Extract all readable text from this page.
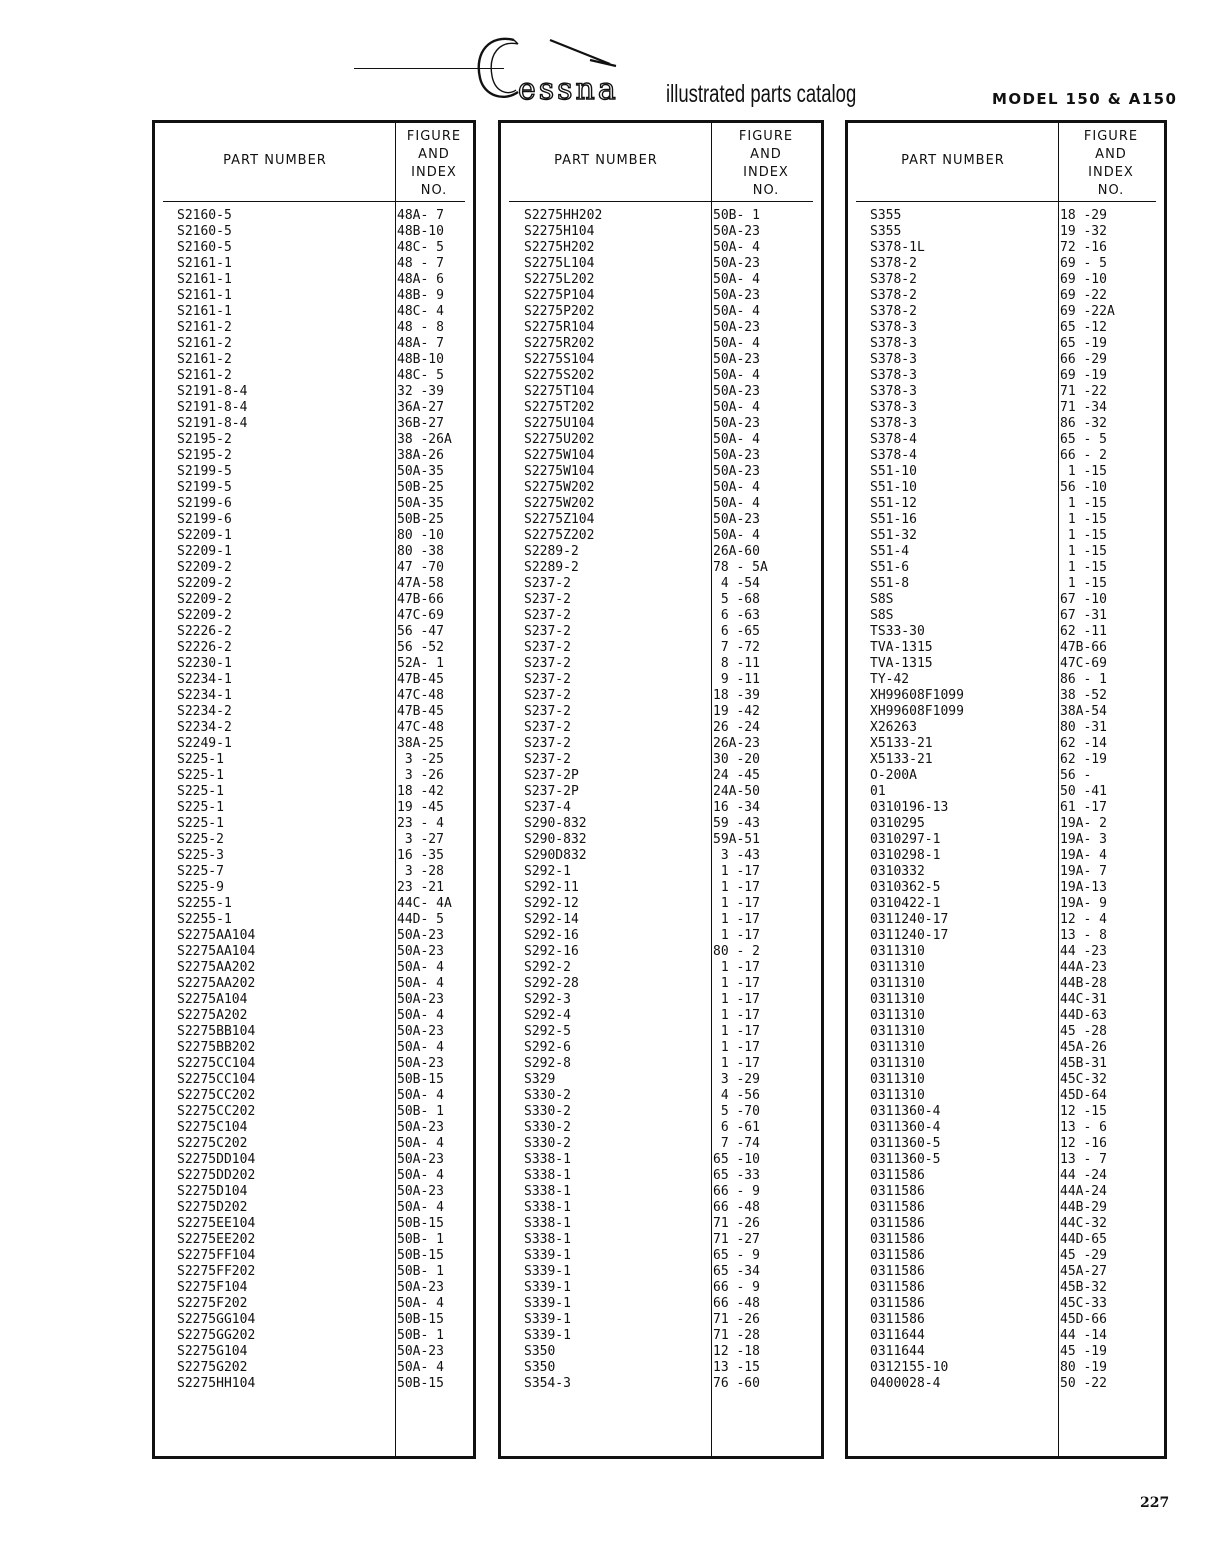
essna illustrated parts catalog	MODEL 150 & A150
PART NUMBER
FIGURE
AND
INDEX
NO.
S2160-5	48A- 7
S2160-5	48B-10
S2160-5	48C- 5
S2161-1	48 - 7
S2161-1	48A- 6
S2161-1	48B- 9
S2161-1	48C- 4
S2161-2	48 - 8
S2161-2	48A- 7
S2161-2	48B-10
S2161-2	48C- 5
S2191-8-4	32 -39
S2191-8-4	36A-27
S2191-8-4	36B-27
S2195-2	38 -26A
S2195-2	38A-26
S2199-5	50A-35
S2199-5	50B-25
S2199-6	50A-35
S2199-6	50B-25
S2209-1	80 -10
S2209-1	80 -38
S2209-2	47 -70
S2209-2	47A-58
S2209-2	47B-66
S2209-2	47C-69
S2226-2	56 -47
S2226-2	56 -52
S2230-1	52A- 1
S2234-1	47B-45
S2234-1	47C-48
S2234-2	47B-45
S2234-2	47C-48
S2249-1	38A-25
S225-1	3 -25
S225-1	3 -26
S225-1	18 -42
S225-1	19 -45
S225-1	23 - 4
S225-2	3 -27
S225-3	16 -35
S225-7	3 -28
S225-9	23 -21
S2255-1	44C- 4A
S2255-1	44D- 5
S2275AA104	50A-23
S2275AA104	50A-23
S2275AA202	50A- 4
S2275AA202	50A- 4
S2275A104	50A-23
S2275A202	50A- 4
S2275BB104	50A-23
S2275BB202	50A- 4
S2275CC104	50A-23
S2275CC104	50B-15
S2275CC202	50A- 4
S2275CC202	50B- 1
S2275C104	50A-23
S2275C202	50A- 4
S2275DD104	50A-23
S2275DD202	50A- 4
S2275D104	50A-23
S2275D202	50A- 4
S2275EE104	50B-15
S2275EE202	50B- 1
S2275FF104	50B-15
S2275FF202	50B- 1
S2275F104	50A-23
S2275F202	50A- 4
S2275GG104	50B-15
S2275GG202	50B- 1
S2275G104	50A-23
S2275G202	50A- 4
S2275HH104	50B-15
PART NUMBER
FIGURE
AND
INDEX
NO.
S2275HH202	50B- 1
S2275H104	50A-23
S2275H202	50A- 4
S2275L104	50A-23
S2275L202	50A- 4
S2275P104	50A-23
S2275P202	50A- 4
S2275R104	50A-23
S2275R202	50A- 4
S2275S104	50A-23
S2275S202	50A- 4
S2275T104	50A-23
S2275T202	50A- 4
S2275U104	50A-23
S2275U202	50A- 4
S2275W104	50A-23
S2275W104	50A-23
S2275W202	50A- 4
S2275W202	50A- 4
S2275Z104	50A-23
S2275Z202	50A- 4
S2289-2	26A-60
S2289-2	78 - 5A
S237-2	4 -54
S237-2	5 -68
S237-2	6 -63
S237-2	6 -65
S237-2	7 -72
S237-2	8 -11
S237-2	9 -11
S237-2	18 -39
S237-2	19 -42
S237-2	26 -24
S237-2	26A-23
S237-2	30 -20
S237-2P	24 -45
S237-2P	24A-50
S237-4	16 -34
S290-832	59 -43
S290-832	59A-51
S290D832	3 -43
S292-1	1 -17
S292-11	1 -17
S292-12	1 -17
S292-14	1 -17
S292-16	1 -17
S292-16	80 - 2
S292-2	1 -17
S292-28	1 -17
S292-3	1 -17
S292-4	1 -17
S292-5	1 -17
S292-6	1 -17
S292-8	1 -17
S329	3 -29
S330-2	4 -56
S330-2	5 -70
S330-2	6 -61
S330-2	7 -74
S338-1	65 -10
S338-1	65 -33
S338-1	66 - 9
S338-1	66 -48
S338-1	71 -26
S338-1	71 -27
S339-1	65 - 9
S339-1	65 -34
S339-1	66 - 9
S339-1	66 -48
S339-1	71 -26
S339-1	71 -28
S350	12 -18
S350	13 -15
S354-3	76 -60
PART NUMBER
FIGURE
AND
INDEX
NO.
S355	18 -29
S355	19 -32
S378-1L	72 -16
S378-2	69 - 5
S378-2	69 -10
S378-2	69 -22
S378-2	69 -22A
S378-3	65 -12
S378-3	65 -19
S378-3	66 -29
S378-3	69 -19
S378-3	71 -22
S378-3	71 -34
S378-3	86 -32
S378-4	65 - 5
S378-4	66 - 2
S51-10	1 -15
S51-10	56 -10
S51-12	1 -15
S51-16	1 -15
S51-32	1 -15
S51-4	1 -15
S51-6	1 -15
S51-8	1 -15
S8S	67 -10
S8S	67 -31
TS33-30	62 -11
TVA-1315	47B-66
TVA-1315	47C-69
TY-42	86 - 1
XH99608F1099	38 -52
XH99608F1099	38A-54
X26263	80 -31
X5133-21	62 -14
X5133-21	62 -19
O-200A	56 -
01	50 -41
0310196-13	61 -17
0310295	19A- 2
0310297-1	19A- 3
0310298-1	19A- 4
0310332	19A- 7
0310362-5	19A-13
0310422-1	19A- 9
0311240-17	12 - 4
0311240-17	13 - 8
0311310	44 -23
0311310	44A-23
0311310	44B-28
0311310	44C-31
0311310	44D-63
0311310	45 -28
0311310	45A-26
0311310	45B-31
0311310	45C-32
0311310	45D-64
0311360-4	12 -15
0311360-4	13 - 6
0311360-5	12 -16
0311360-5	13 - 7
0311586	44 -24
0311586	44A-24
0311586	44B-29
0311586	44C-32
0311586	44D-65
0311586	45 -29
0311586	45A-27
0311586	45B-32
0311586	45C-33
0311586	45D-66
0311644	44 -14
0311644	45 -19
0312155-10	80 -19
0400028-4	50 -22
227
